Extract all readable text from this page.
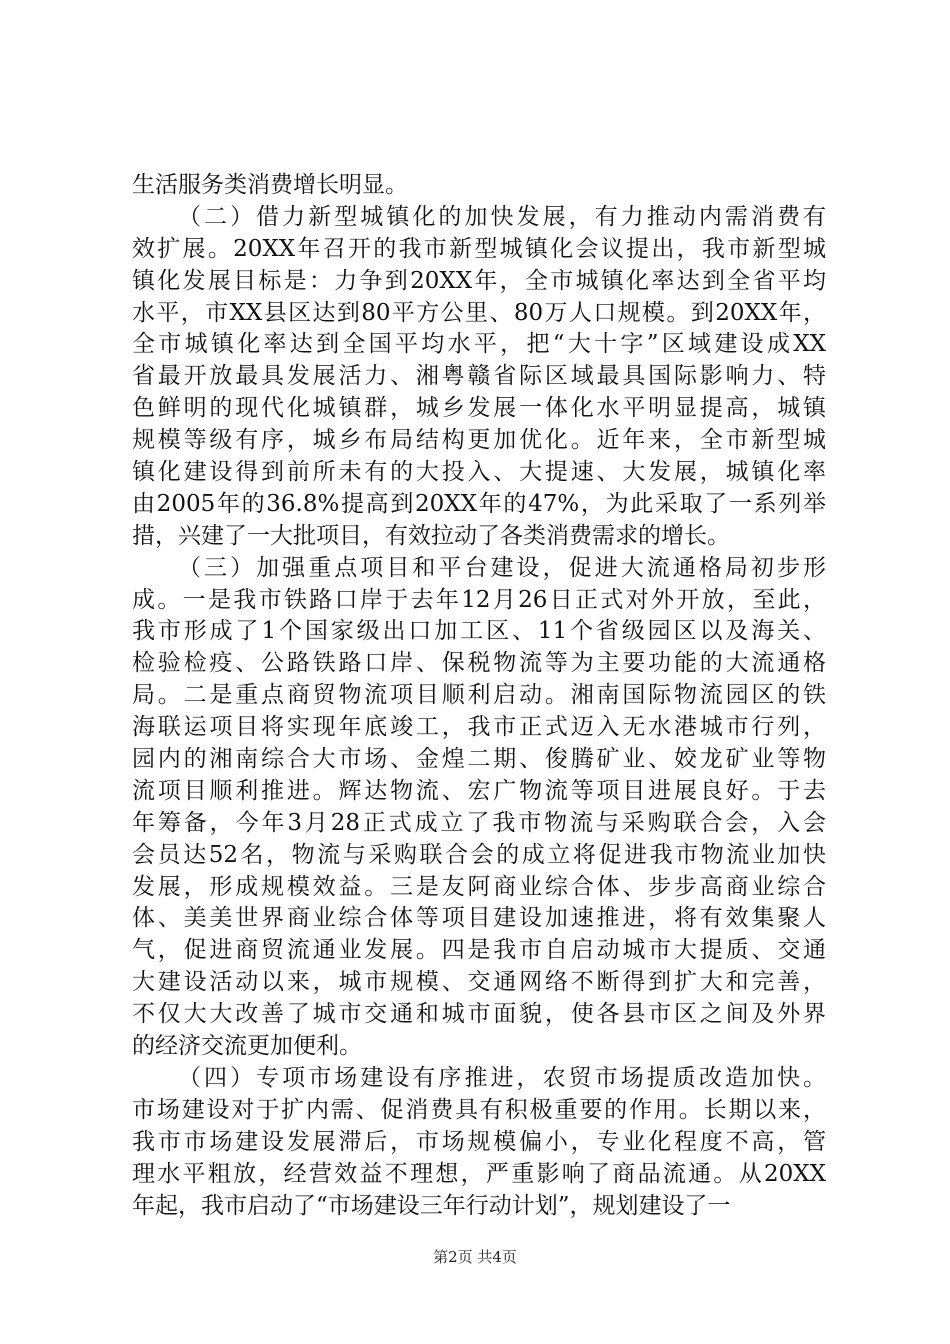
生活服务类消费增长明显。
（二）借力新型城镇化的加快发展，有力推动内需消费有
效扩展。20XX年召开的我市新型城镇化会议提出，我市新型城
镇化发展目标是：力争到20XX年，全市城镇化率达到全省平均
水平，市XX县区达到80平方公里、80万人口规模。到20XX年，
全市城镇化率达到全国平均水平，把“大十字”区域建设成XX
省最开放最具发展活力、湘粤赣省际区域最具国际影响力、特
色鲜明的现代化城镇群，城乡发展一体化水平明显提高，城镇
规模等级有序，城乡布局结构更加优化。近年来，全市新型城
镇化建设得到前所未有的大投入、大提速、大发展，城镇化率
由2005年的36.8%提高到20XX年的47%，为此采取了一系列举
措，兴建了一大批项目，有效拉动了各类消费需求的增长。
（三）加强重点项目和平台建设，促进大流通格局初步形
成。一是我市铁路口岸于去年12月26日正式对外开放，至此，
我市形成了1个国家级出口加工区、11个省级园区以及海关、
检验检疫、公路铁路口岸、保税物流等为主要功能的大流通格
局。二是重点商贸物流项目顺利启动。湘南国际物流园区的铁
海联运项目将实现年底竣工，我市正式迈入无水港城市行列，
园内的湘南综合大市场、金煌二期、俊腾矿业、姣龙矿业等物
流项目顺利推进。辉达物流、宏广物流等项目进展良好。于去
年筹备，今年3月28正式成立了我市物流与采购联合会，入会
会员达52名，物流与采购联合会的成立将促进我市物流业加快
发展，形成规模效益。三是友阿商业综合体、步步高商业综合
体、美美世界商业综合体等项目建设加速推进，将有效集聚人
气，促进商贸流通业发展。四是我市自启动城市大提质、交通
大建设活动以来，城市规模、交通网络不断得到扩大和完善，
不仅大大改善了城市交通和城市面貌，使各县市区之间及外界
的经济交流更加便利。
（四）专项市场建设有序推进，农贸市场提质改造加快。
市场建设对于扩内需、促消费具有积极重要的作用。长期以来，
我市市场建设发展滞后，市场规模偏小，专业化程度不高，管
理水平粗放，经营效益不理想，严重影响了商品流通。从20XX
年起，我市启动了“市场建设三年行动计划”，规划建设了一
第2页 共4页
